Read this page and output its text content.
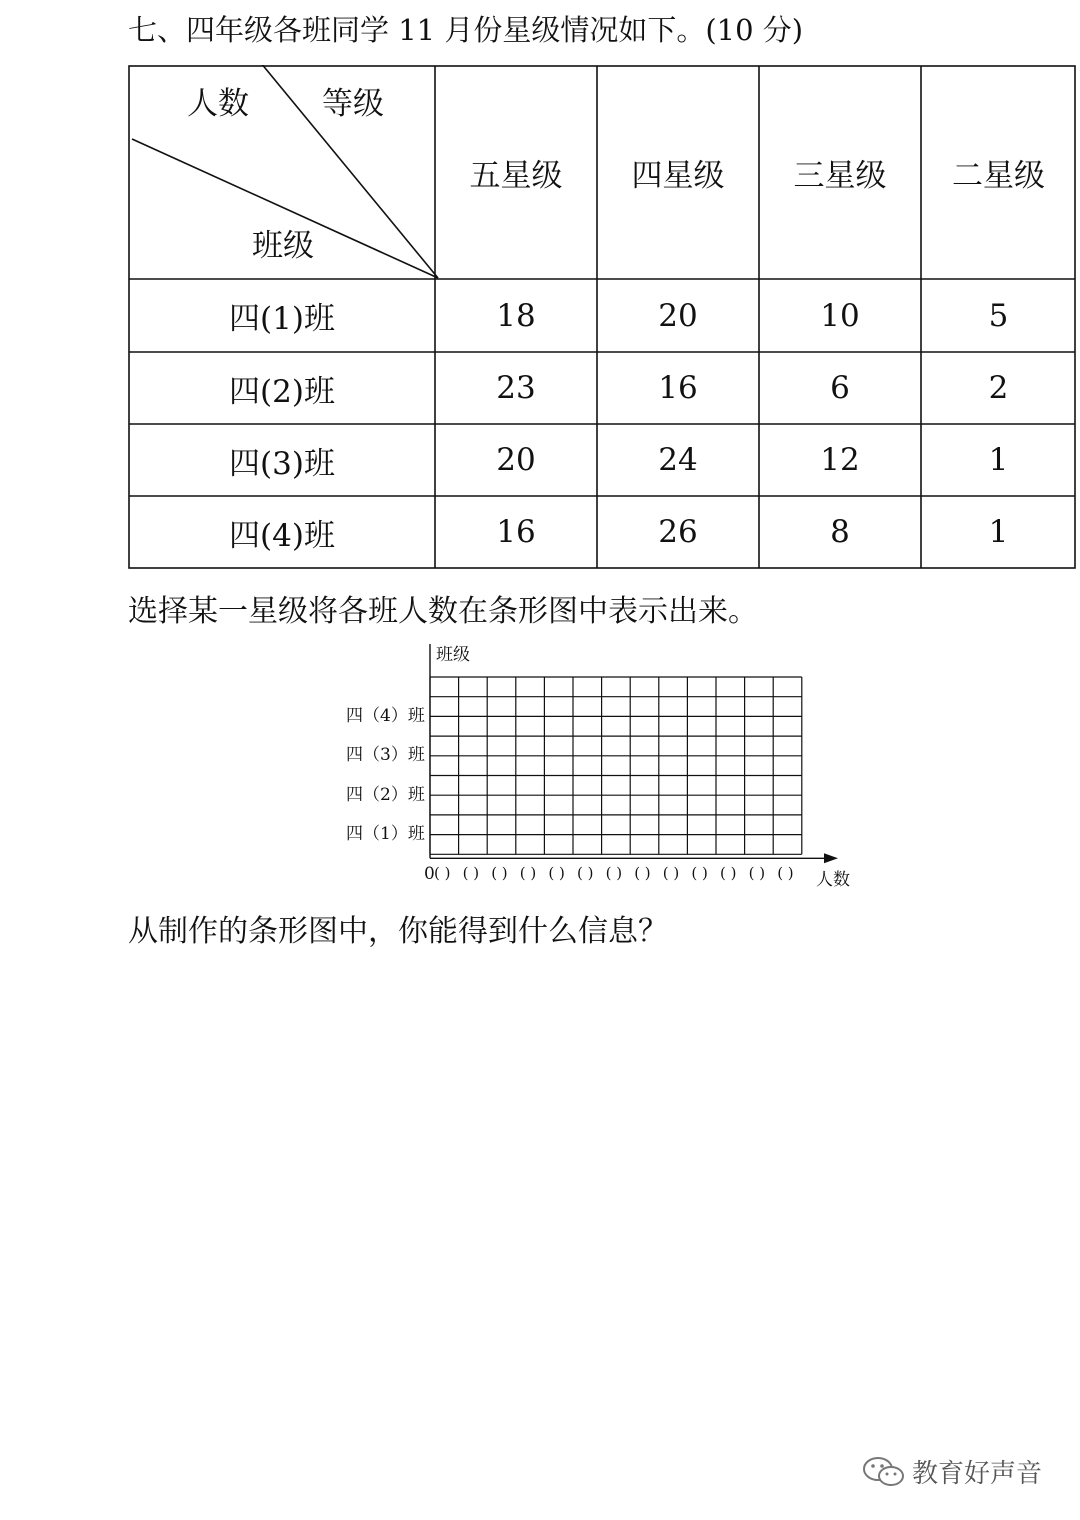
七、四年级各班同学 11 月份星级情况如下。(10 分)
等级
人数
班级
五星级	四星级	三星级	二星级
四(1)班	18	20	10	5
四(2)班	23	16	6	2
四(3)班	20	24	12	1
四(4)班	16	26	8	1
选择某一星级将各班人数在条形图中表示出来。
班级
四（4）班
四（3）班
四（2）班
四（1）班
0 ( ) ( ) ( ) ( ) ( ) ( ) ( ) ( ) ( ) ( ) ( ) ( ) ( ) 人数
从制作的条形图中，你能得到什么信息？
教育好声音
